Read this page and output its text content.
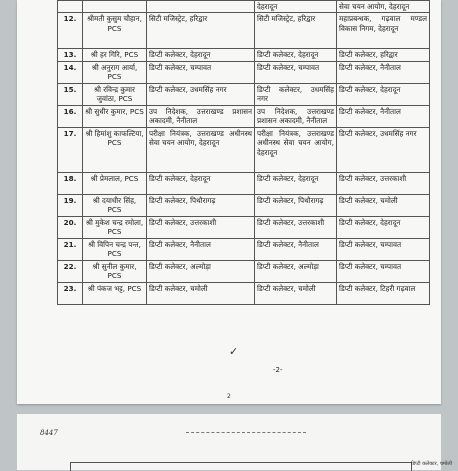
			देहरादून	सेवा चयन आयोग, देहरादून
12.	श्रीमती कुसुम चौहान, PCS	सिटी मजिस्ट्रेट, हरिद्वार	सिटी मजिस्ट्रेट, हरिद्वार	महाप्रबन्धक, गढ़वाल मण्डल विकास निगम, देहरादून
13.	श्री हर गिरि, PCS	डिप्टी कलेक्टर, देहरादून	डिप्टी कलेक्टर, देहरादून	डिप्टी कलेक्टर, हरिद्वार
14.	श्री अनुराग आर्या, PCS	डिप्टी कलेक्टर, चम्पावत	डिप्टी कलेक्टर, चम्पावत	डिप्टी कलेक्टर, नैनीताल
15.	श्री रविन्द्र कुमार जुवांठा, PCS	डिप्टी कलेक्टर, उधमसिंह नगर	डिप्टी कलेक्टर, उधमसिंह नगर	डिप्टी कलेक्टर, देहरादून
16.	श्री सुधीर कुमार, PCS	उप निदेशक, उत्तराखण्ड प्रशासन अकादमी, नैनीताल	उप निदेशक, उत्तराखण्ड प्रशासन अकादमी, नैनीताल	डिप्टी कलेक्टर, नैनीताल
17.	श्री हिमांशु काफल्टिया, PCS	परीक्षा नियंत्रक, उत्तराखण्ड अधीनस्थ सेवा चयन आयोग, देहरादून	परीक्षा नियंत्रक, उत्तराखण्ड अधीनस्थ सेवा चयन आयोग, देहरादून	डिप्टी कलेक्टर, उधमसिंह नगर
18.	श्री प्रेमलाल, PCS	डिप्टी कलेक्टर, देहरादून	डिप्टी कलेक्टर, देहरादून	डिप्टी कलेक्टर, उत्तरकाशी
19.	श्री दयाधीर सिंह, PCS	डिप्टी कलेक्टर, पिथौरागढ़	डिप्टी कलेक्टर, पिथौरागढ़	डिप्टी कलेक्टर, चमोली
20.	श्री मुकेश चन्द्र रमोला, PCS	डिप्टी कलेक्टर, उत्तरकाशी	डिप्टी कलेक्टर, उत्तरकाशी	डिप्टी कलेक्टर, देहरादून
21.	श्री विपिन चन्द्र पन्त, PCS	डिप्टी कलेक्टर, नैनीताल	डिप्टी कलेक्टर, नैनीताल	डिप्टी कलेक्टर, चम्पावत
22.	श्री सुनील कुमार, PCS	डिप्टी कलेक्टर, अल्मोड़ा	डिप्टी कलेक्टर, अल्मोड़ा	डिप्टी कलेक्टर, चम्पावत
23.	श्री पंकज भट्ट, PCS	डिप्टी कलेक्टर, चमोली	डिप्टी कलेक्टर, चमोली	डिप्टी कलेक्टर, टिहरी गढ़वाल
✓
-2-
2
8447
डिप्टी कलेक्टर, चमोली
